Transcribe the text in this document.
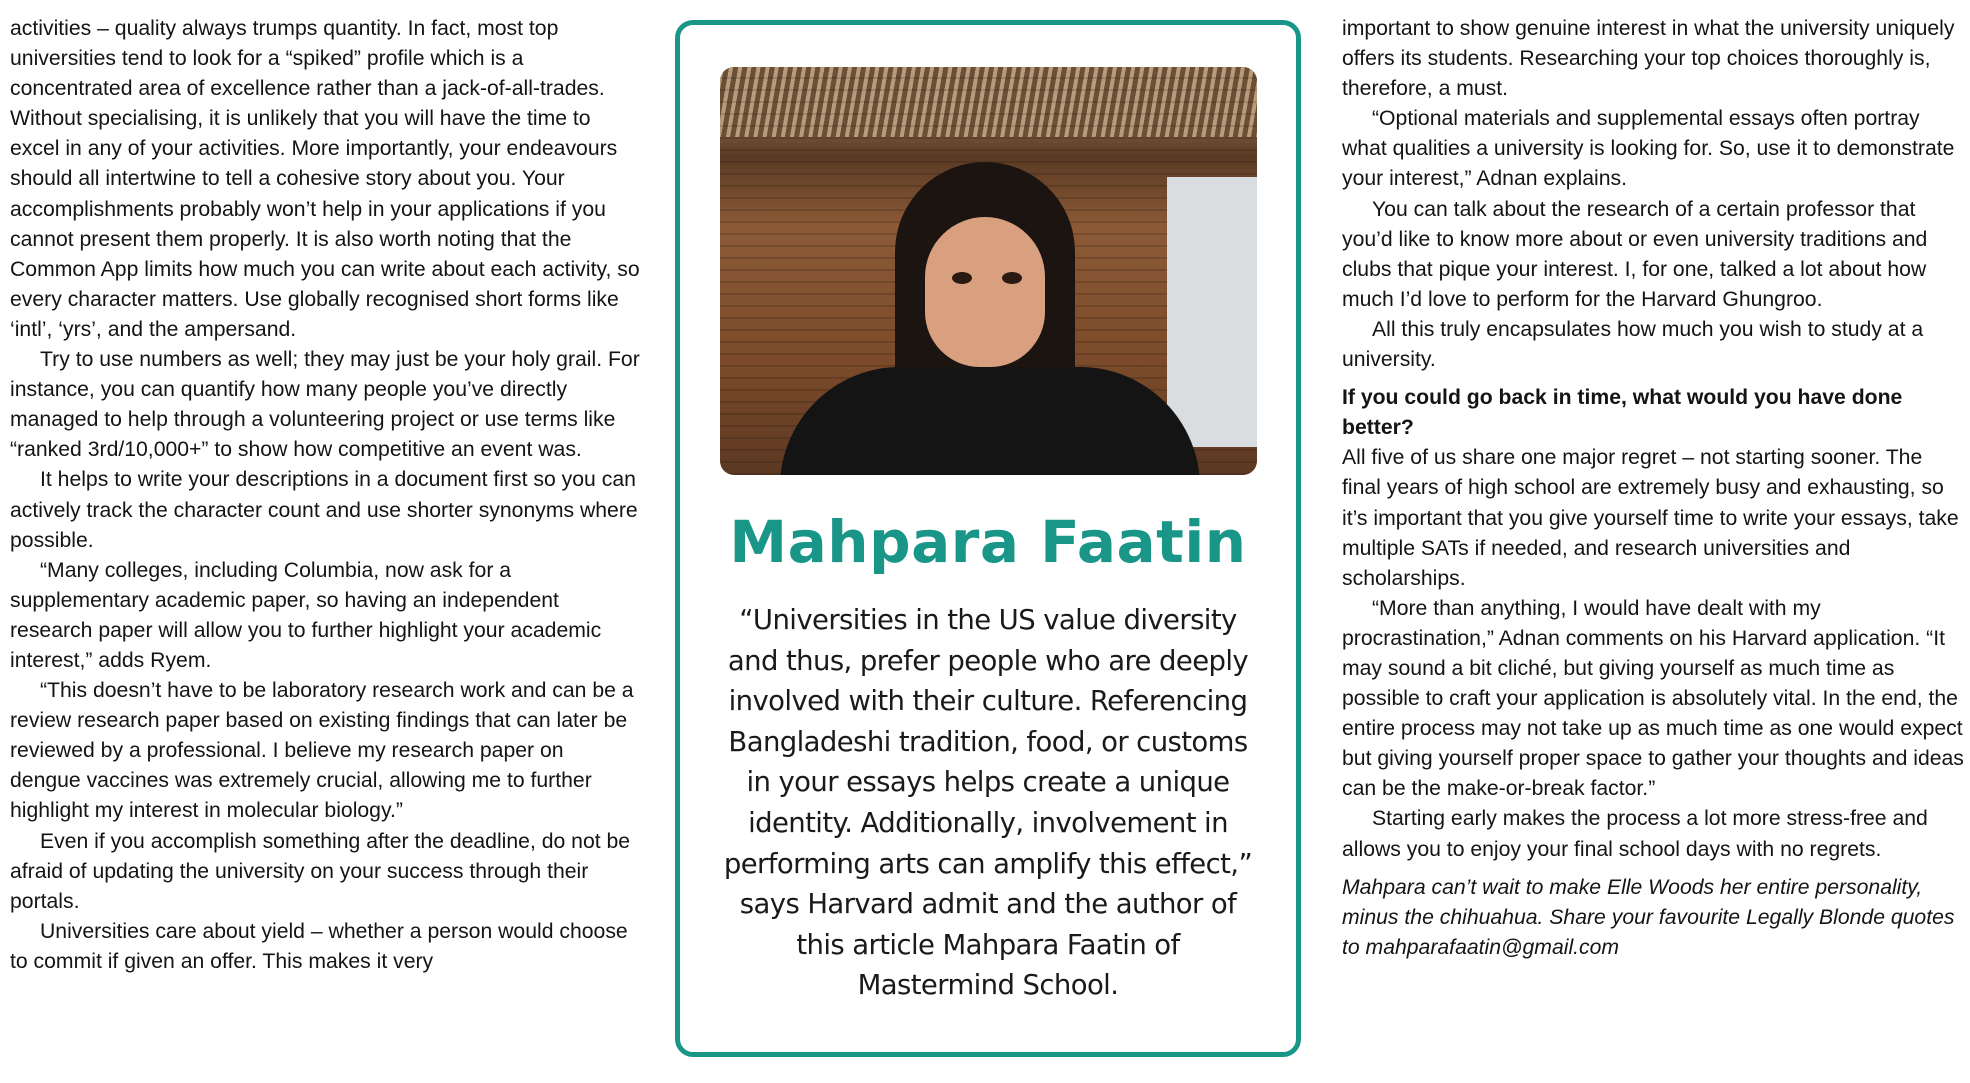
activities – quality always trumps quantity. In fact, most top universities tend to look for a “spiked” profile which is a concentrated area of excellence rather than a jack-of-all-trades. Without specialising, it is unlikely that you will have the time to excel in any of your activities. More importantly, your endeavours should all intertwine to tell a cohesive story about you. Your accomplishments probably won’t help in your applications if you cannot present them properly. It is also worth noting that the Common App limits how much you can write about each activity, so every character matters. Use globally recognised short forms like ‘intl’, ‘yrs’, and the ampersand.

Try to use numbers as well; they may just be your holy grail. For instance, you can quantify how many people you’ve directly managed to help through a volunteering project or use terms like “ranked 3rd/10,000+” to show how competitive an event was.

It helps to write your descriptions in a document first so you can actively track the character count and use shorter synonyms where possible.

“Many colleges, including Columbia, now ask for a supplementary academic paper, so having an independent research paper will allow you to further highlight your academic interest,” adds Ryem.

“This doesn’t have to be laboratory research work and can be a review research paper based on existing findings that can later be reviewed by a professional. I believe my research paper on dengue vaccines was extremely crucial, allowing me to further highlight my interest in molecular biology.”

Even if you accomplish something after the deadline, do not be afraid of updating the university on your success through their portals.

Universities care about yield – whether a person would choose to commit if given an offer. This makes it very

Mahpara Faatin
“Universities in the US value diversity and thus, prefer people who are deeply involved with their culture. Referencing Bangladeshi tradition, food, or customs in your essays helps create a unique identity. Additionally, involvement in performing arts can amplify this effect,” says Harvard admit and the author of this article Mahpara Faatin of Mastermind School.

important to show genuine interest in what the university uniquely offers its students. Researching your top choices thoroughly is, therefore, a must.

“Optional materials and supplemental essays often portray what qualities a university is looking for. So, use it to demonstrate your interest,” Adnan explains.

You can talk about the research of a certain professor that you’d like to know more about or even university traditions and clubs that pique your interest. I, for one, talked a lot about how much I’d love to perform for the Harvard Ghungroo.

All this truly encapsulates how much you wish to study at a university.

If you could go back in time, what would you have done better?

All five of us share one major regret – not starting sooner. The final years of high school are extremely busy and exhausting, so it’s important that you give yourself time to write your essays, take multiple SATs if needed, and research universities and scholarships.

“More than anything, I would have dealt with my procrastination,” Adnan comments on his Harvard application. “It may sound a bit cliché, but giving yourself as much time as possible to craft your application is absolutely vital. In the end, the entire process may not take up as much time as one would expect but giving yourself proper space to gather your thoughts and ideas can be the make-or-break factor.”

Starting early makes the process a lot more stress-free and allows you to enjoy your final school days with no regrets.

Mahpara can’t wait to make Elle Woods her entire personality, minus the chihuahua. Share your favourite Legally Blonde quotes to mahparafaatin@gmail.com
